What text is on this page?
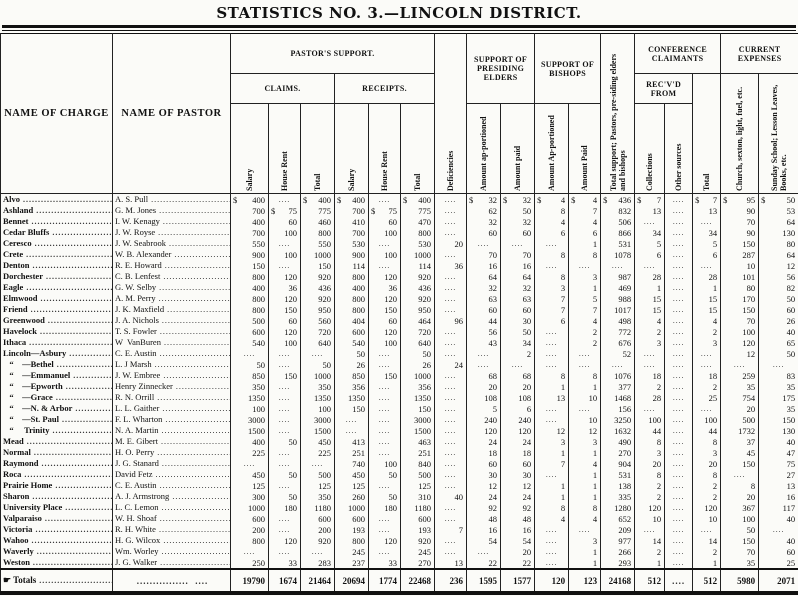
STATISTICS NO. 3.—LINCOLN DISTRICT.
NAME OF CHARGE	NAME OF PASTOR	PASTOR'S SUPPORT.						Deficiencies	SUPPORT OF PRESIDING ELDERS		SUPPORT OF BISHOPS		Total support; Pastors, pre-siding elders and bishops	CONFERENCE CLAIMANTS			CURRENT EXPENSES	
		CLAIMS.			RECEIPTS.									REC'V'D FROM		Total	Church, sexton, light, fuel, etc.	Sunday School; Lesson Leaves, Books, etc.

		Salary	House Rent	Total	Salary	House Rent	Total		Amount ap-portioned	Amount paid	Amount Ap-portioned	Amount Paid		Collections	Other sources			

Alvo .....	A. S. Pull .....	$ 400	....	$ 400	$ 400	....	$ 400	....	$ 32	$ 32	$ 4	$ 4	$ 436	$ 7	....	$ 7	$ 95	$ 50
Ashland .....	G. M. Jones .....	700	$ 75	775	700	$ 75	775	....	62	50	8	7	832	13	....	13	90	53
Bennet .....	I. W. Kenagy .....	400	60	460	410	60	470	....	32	32	4	4	506	....	....	....	70	64
Cedar Bluffs .....	J. W. Royse .....	700	100	800	700	100	800	....	60	60	6	6	866	34	....	34	90	130
Ceresco .....	J. W. Seabrook .....	550	....	550	530	....	530	20	....	....	....	1	531	5	....	5	150	80
Crete .....	W. B. Alexander .....	900	100	1000	900	100	1000	....	70	70	8	8	1078	6	....	6	287	64
Denton .....	R. E. Howard .....	150	....	150	114	....	114	36	16	16	....	....	....	....	....	....	10	12
Dorchester .....	C. B. Lenfest .....	800	120	920	800	120	920	....	64	64	8	3	987	28	....	28	101	56
Eagle .....	G. W. Selby .....	400	36	436	400	36	436	....	32	32	3	1	469	1	....	1	80	82
Elmwood .....	A. M. Perry .....	800	120	920	800	120	920	....	63	63	7	5	988	15	....	15	170	50
Friend .....	J. K. Maxfield .....	800	150	950	800	150	950	....	60	60	7	7	1017	15	....	15	150	60
Greenwood .....	J. A. Nichols .....	500	60	560	404	60	464	96	44	30	6	4	498	4	....	4	70	26
Havelock .....	T. S. Fowler .....	600	120	720	600	120	720	....	56	50	....	2	772	2	....	2	100	40
Ithaca .....	W  VanBuren .....	540	100	640	540	100	640	....	43	34	....	2	676	3	....	3	120	65
Lincoln—Asbury .....	C. E. Austin .....	....	....	....	50	....	50	....	....	2	....	....	52	....	....	....	12	50
“    —Bethel .....	L. J Marsh .....	50	....	50	26	....	26	24	....	....	....	....	....	....	....	....	....	....
“    —Emmanuel .....	J. W. Embree .....	850	150	1000	850	150	1000	....	68	68	8	8	1076	18	....	18	259	83
“    —Epworth .....	Henry Zinnecker .....	350	....	350	356	....	356	....	20	20	1	1	377	2	....	2	35	35
“    —Grace .....	R. N. Orrill .....	1350	....	1350	1350	....	1350	....	108	108	13	10	1468	28	....	25	754	175
“    —N. & Arbor .....	L. L. Gaither .....	100	....	100	150	....	150	....	5	6	....	....	156	....	....	....	20	35
“    —St. Paul .....	F. L. Wharton .....	3000	....	3000	....	....	3000	....	240	240	....	10	3250	100	....	100	500	150
“     Trinity .....	N. A. Martin .....	1500	....	1500	....	....	1500	....	120	120	12	12	1632	44	....	44	1732	130
Mead .....	M. E. Gibert .....	400	50	450	413	....	463	....	24	24	3	3	490	8	....	8	37	40
Normal .....	H. O. Perry .....	225	....	225	251	....	251	....	18	18	1	1	270	3	....	3	45	47
Raymond .....	J. G. Stanard .....	....	....	....	740	100	840	....	60	60	7	4	904	20	....	20	150	75
Roca .....	David Fetz .....	450	50	500	450	50	500	....	30	30	....	1	531	8	....	8	....	27
Prairie Home .....	C. E. Austin .....	125	....	125	125	....	125	....	12	12	1	1	138	2	....	2	8	13
Sharon .....	A. J. Armstrong .....	300	50	350	260	50	310	40	24	24	1	1	335	2	....	2	20	16
University Place .....	L. C. Lemon .....	1000	180	1180	1000	180	1180	....	92	92	8	8	1280	120	....	120	367	117
Valparaiso .....	W. H. Shoaf .....	600	....	600	600	....	600	....	48	48	4	4	652	10	....	10	100	40
Victoria .....	R. H. White .....	200	....	200	193	....	193	7	16	16	....	....	209	....	....	....	50	....
Wahoo .....	H. G. Wilcox .....	800	120	920	800	120	920	....	54	54	....	3	977	14	....	14	150	40
Waverly .....	Wm. Worley .....	....	....	....	245	....	245	....	....	20	....	1	266	2	....	2	70	60
Weston .....	J. G. Walker .....	250	33	283	237	33	270	13	22	22	....	1	293	1	....	1	35	25
☛ Totals .....	................  ....	19790	1674	21464	20694	1774	22468	236	1595	1577	120	123	24168	512	....	512	5980	2071
